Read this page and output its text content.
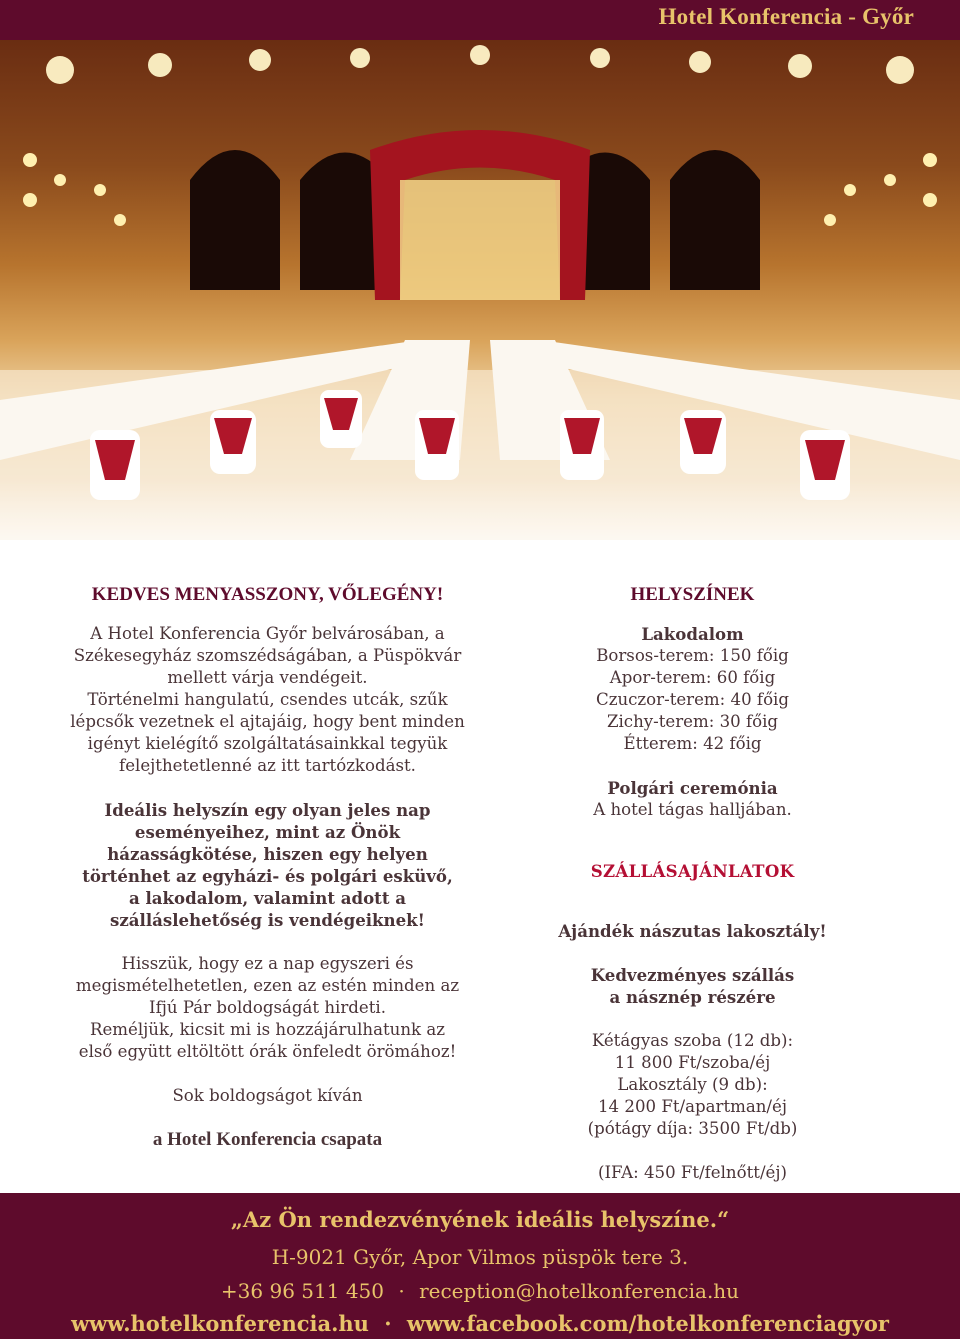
Hotel Konferencia - Győr
KEDVES MENYASSZONY, VŐLEGÉNY!

A Hotel Konferencia Győr belvárosában, a

Székesegyház szomszédságában, a Püspökvár

mellett várja vendégeit.

Történelmi hangulatú, csendes utcák, szűk

lépcsők vezetnek el ajtajáig, hogy bent minden

igényt kielégítő szolgáltatásainkkal tegyük

felejthetetlenné az itt tartózkodást.

Ideális helyszín egy olyan jeles nap

eseményeihez, mint az Önök

házasságkötése, hiszen egy helyen

történhet az egyházi- és polgári esküvő,

a lakodalom, valamint adott a

szálláslehetőség is vendégeiknek!

Hisszük, hogy ez a nap egyszeri és

megismételhetetlen, ezen az estén minden az

Ifjú Pár boldogságát hirdeti.

Reméljük, kicsit mi is hozzájárulhatunk az

első együtt eltöltött órák önfeledt örömához!

Sok boldogságot kíván

a Hotel Konferencia csapata

HELYSZÍNEK

Lakodalom

Borsos-terem: 150 főig

Apor-terem: 60 főig

Czuczor-terem: 40 főig

Zichy-terem: 30 főig

Étterem: 42 főig

Polgári ceremónia

A hotel tágas halljában.

SZÁLLÁSAJÁNLATOK

Ajándék nászutas lakosztály!

Kedvezményes szállás

a násznép részére

Kétágyas szoba (12 db):

11 800 Ft/szoba/éj

Lakosztály (9 db):

14 200 Ft/apartman/éj

(pótágy díja: 3500 Ft/db)

(IFA: 450 Ft/felnőtt/éj)

„Az Ön rendezvényének ideális helyszíne.“
H-9021 Győr, Apor Vilmos püspök tere 3.
+36 96 511 450 · reception@hotelkonferencia.hu
www.hotelkonferencia.hu · www.facebook.com/hotelkonferenciagyor
